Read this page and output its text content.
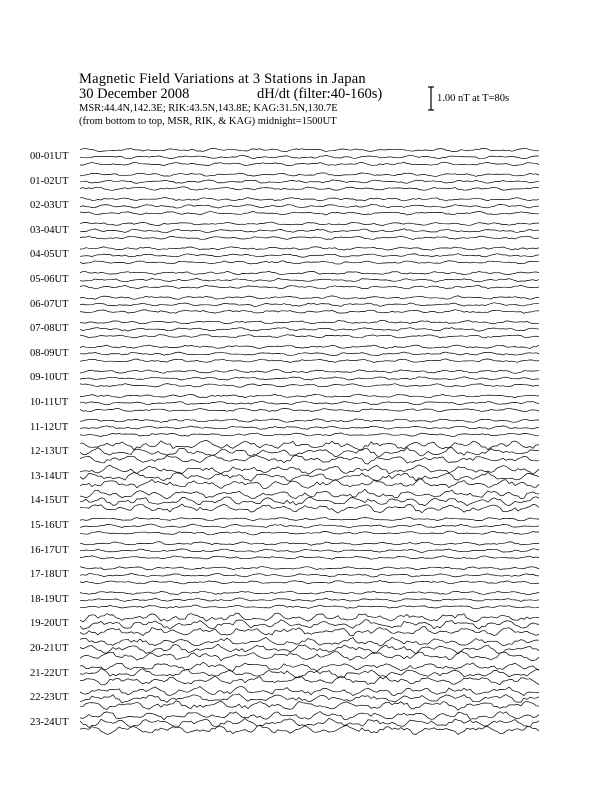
Magnetic Field Variations at 3 Stations in Japan
30 December 2008	dH/dt (filter:40-160s)
MSR:44.4N,142.3E; RIK:43.5N,143.8E; KAG:31.5N,130.7E
(from bottom to top, MSR, RIK, & KAG) midnight=1500UT
1.00 nT at T=80s
00-01UT
01-02UT
02-03UT
03-04UT
04-05UT
05-06UT
06-07UT
07-08UT
08-09UT
09-10UT
10-11UT
11-12UT
12-13UT
13-14UT
14-15UT
15-16UT
16-17UT
17-18UT
18-19UT
19-20UT
20-21UT
21-22UT
22-23UT
23-24UT
